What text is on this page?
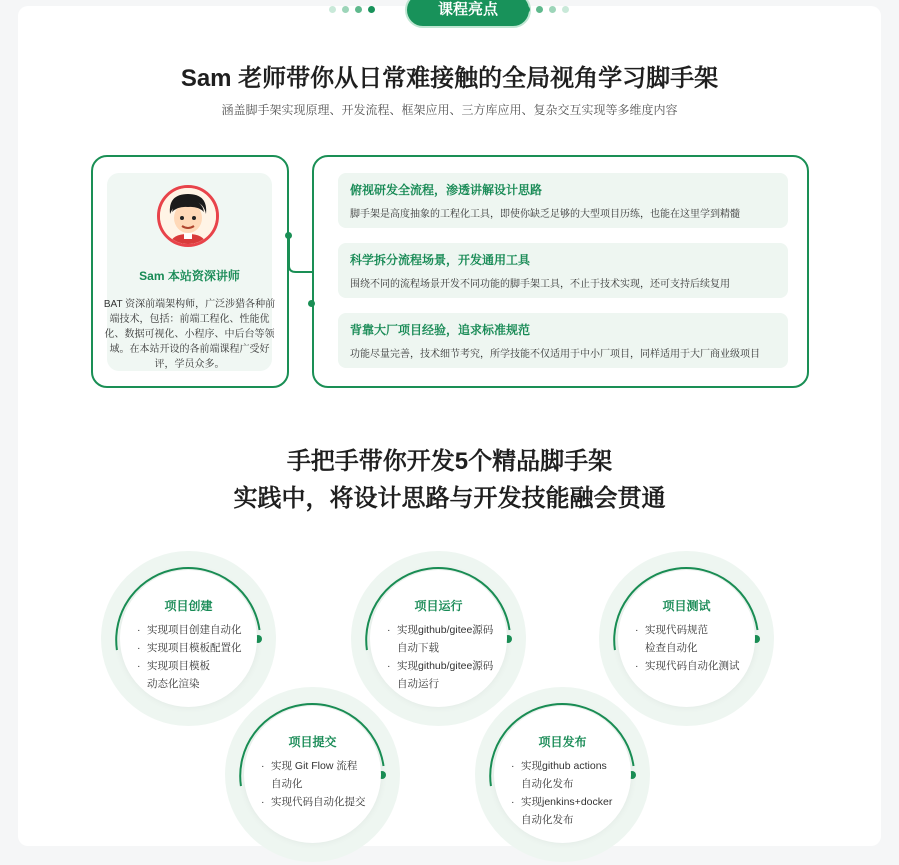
课程亮点
Sam 老师带你从日常难接触的全局视角学习脚手架
涵盖脚手架实现原理、开发流程、框架应用、三方库应用、复杂交互实现等多维度内容
Sam 本站资深讲师
BAT 资深前端架构师，广泛涉猎各种前端技术，包括：前端工程化、性能优化、数据可视化、小程序、中后台等领域。在本站开设的各前端课程广受好评，学员众多。
俯视研发全流程，渗透讲解设计思路
脚手架是高度抽象的工程化工具，即使你缺乏足够的大型项目历练，也能在这里学到精髓
科学拆分流程场景，开发通用工具
围绕不同的流程场景开发不同功能的脚手架工具，不止于技术实现，还可支持后续复用
背靠大厂项目经验，追求标准规范
功能尽量完善，技术细节考究，所学技能不仅适用于中小厂项目，同样适用于大厂商业级项目
手把手带你开发5个精品脚手架
实践中，将设计思路与开发技能融会贯通
项目创建
· 实现项目创建自动化
· 实现项目模板配置化
· 实现项目模板
动态化渲染
项目运行
· 实现github/gitee源码
自动下载
· 实现github/gitee源码
自动运行
项目测试
· 实现代码规范
检查自动化
· 实现代码自动化测试
项目提交
· 实现 Git Flow 流程
自动化
· 实现代码自动化提交
项目发布
· 实现github actions
自动化发布
· 实现jenkins+docker
自动化发布
